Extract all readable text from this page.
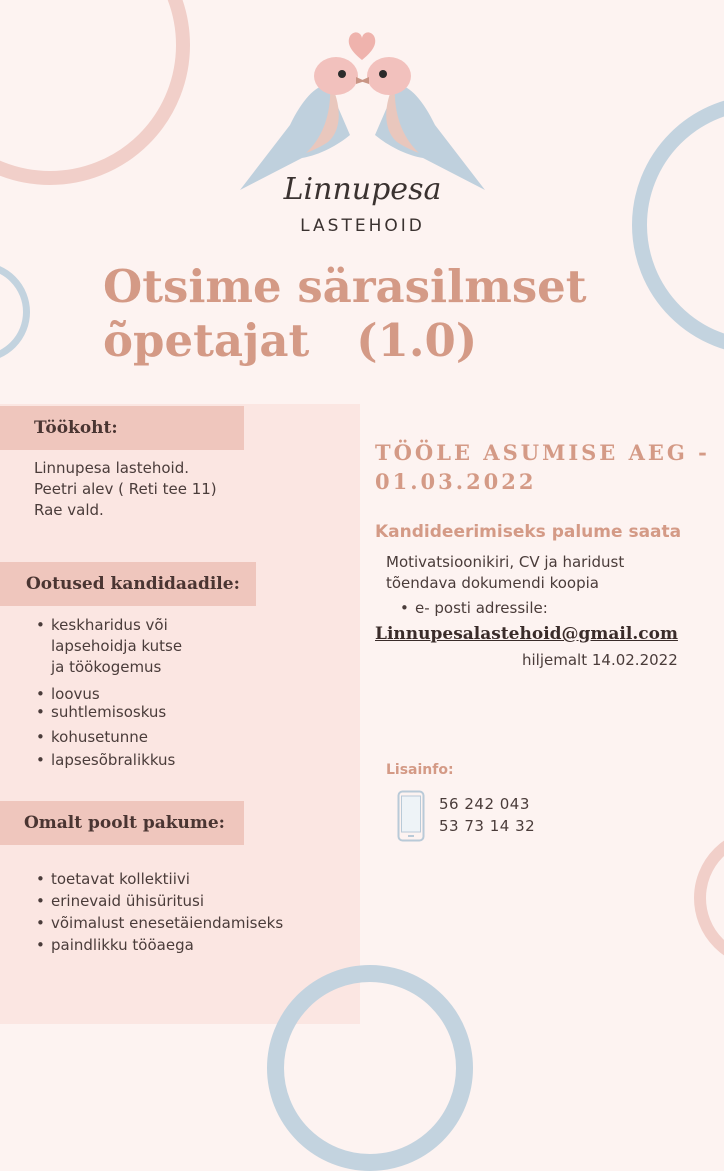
Linnupesa
LASTEHOID
Otsime särasilmset
õpetajat   (1.0)
Töökoht:
Linnupesa lastehoid.
Peetri alev ( Reti tee 11)
Rae vald.
Ootused kandidaadile:
• keskharidus või
lapsehoidja kutse
ja töökogemus
• loovus
• suhtlemisoskus
• kohusetunne
• lapsesõbralikkus
Omalt poolt pakume:
• toetavat kollektiivi
• erinevaid ühisüritusi
• võimalust enesetäiendamiseks
• paindlikku tööaega
TÖÖLE ASUMISE AEG -
01.03.2022
Kandideerimiseks palume saata
Motivatsioonikiri, CV ja haridust
tõendava dokumendi koopia
• e- posti adressile:
Linnupesalastehoid@gmail.com
hiljemalt 14.02.2022
Lisainfo:
56 242 043
53 73 14 32
